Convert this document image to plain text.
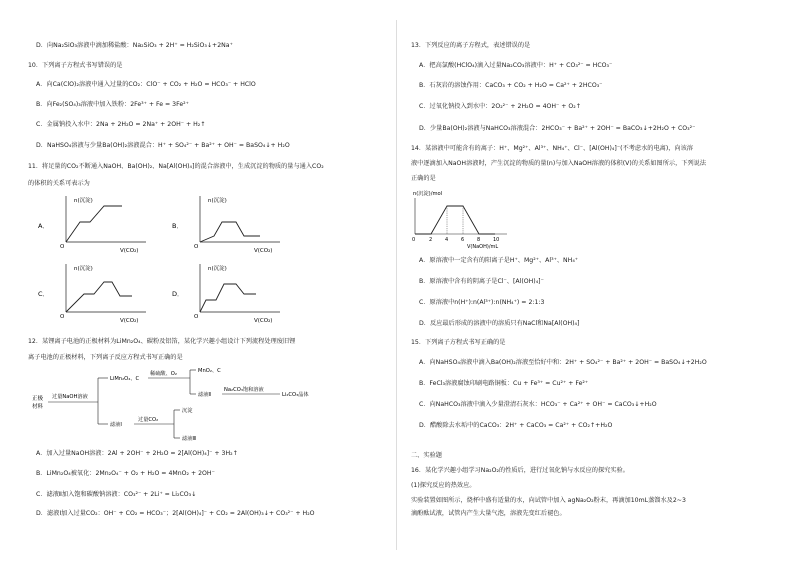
D．向Na₂SiO₃溶液中滴加稀盐酸：Na₂SiO₃ + 2H⁺ = H₂SiO₃↓+2Na⁺
10．下列离子方程式书写错误的是
A．向Ca(ClO)₂溶液中通入过量的CO₂：ClO⁻ + CO₂ + H₂O = HCO₃⁻ + HClO
B．向Fe₂(SO₄)₃溶液中加入铁粉：2Fe³⁺ + Fe = 3Fe²⁺
C．金属钠投入水中：2Na + 2H₂O = 2Na⁺ + 2OH⁻ + H₂↑
D．NaHSO₄溶液与少量Ba(OH)₂溶液混合：H⁺ + SO₄²⁻ + Ba²⁺ + OH⁻ = BaSO₄↓+ H₂O
11．将足量的CO₂不断通入NaOH、Ba(OH)₂、Na[Al(OH)₄]的混合溶液中，生成沉淀的物质的量与通入CO₂
的体积的关系可表示为
A．
n(沉淀)
O
V(CO₂)
B．
n(沉淀)
O
V(CO₂)
C．
n(沉淀)
O
V(CO₂)
D．
n(沉淀)
O
V(CO₂)
12．某锂离子电池的正极材料为LiMn₂O₄、碳粉及铝箔，某化学兴趣小组设计下列流程处理废旧锂
离子电池的正极材料，下列离子反应方程式书写正确的是
正极
材料
过量NaOH溶液
LiMn₂O₄、C
稀硫酸、O₂	MnO₂、C
滤液Ⅱ
Na₂CO₃饱和溶液
Li₂CO₃晶体
滤液Ⅰ
过量CO₂
沉淀
滤液Ⅲ
A．加入过量NaOH溶液：2Al + 2OH⁻ + 2H₂O = 2[Al(OH)₄]⁻ + 3H₂↑
B．LiMn₂O₄被氧化：2Mn₂O₄⁻ + O₂ + H₂O = 4MnO₂ + 2OH⁻
C．滤液Ⅱ加入饱和碳酸钠溶液：CO₃²⁻ + 2Li⁺ = Li₂CO₃↓
D．滤液Ⅰ加入过量CO₂：OH⁻ + CO₂ = HCO₃⁻；2[Al(OH)₄]⁻ + CO₂ = 2Al(OH)₃↓+ CO₃²⁻ + H₂O
13．下列反应的离子方程式，表述错误的是
A．把高氯酸(HClO₄)滴入过量Na₂CO₃溶液中：H⁺ + CO₃²⁻ = HCO₃⁻
B．石灰岩的溶蚀作用：CaCO₃ + CO₂ + H₂O = Ca²⁺ + 2HCO₃⁻
C．过氧化钠投入到水中：2O₂²⁻ + 2H₂O = 4OH⁻ + O₂↑
D．少量Ba(OH)₂溶液与NaHCO₃溶液混合：2HCO₃⁻ + Ba²⁺ + 2OH⁻ = BaCO₃↓+2H₂O + CO₃²⁻
14．某溶液中可能含有的离子：H⁺、Mg²⁺、Al³⁺、NH₄⁺、Cl⁻、[Al(OH)₄]⁻(不考虑水的电离)，向该溶
液中逐滴加入NaOH溶液时，产生沉淀的物质的量(n)与加入NaOH溶液的体积(V)的关系如图所示，下列说法
正确的是
n(沉淀)/mol
0
V(NaOH)/mL
2	4	6	8	10
A．原溶液中一定含有的阳离子是H⁺、Mg²⁺、Al³⁺、NH₄⁺
B．原溶液中含有的阴离子是Cl⁻、[Al(OH)₄]⁻
C．原溶液中n(H⁺):n(Al³⁺):n(NH₄⁺) = 2:1:3
D．反应最后形成的溶液中的溶质只有NaCl和Na[Al(OH)₄]
15．下列离子方程式书写正确的是
A．向NaHSO₄溶液中滴入Ba(OH)₂溶液至恰好中和：2H⁺ + SO₄²⁻ + Ba²⁺ + 2OH⁻ = BaSO₄↓+2H₂O
B．FeCl₃溶液腐蚀印刷电路铜板：Cu + Fe³⁺ = Cu²⁺ + Fe²⁺
C．向NaHCO₃溶液中滴入少量澄清石灰水：HCO₃⁻ + Ca²⁺ + OH⁻ = CaCO₃↓+H₂O
D．醋酸除去水垢中的CaCO₃：2H⁺ + CaCO₃ = Ca²⁺ + CO₂↑+H₂O
二、实验题
16．某化学兴趣小组学习Na₂O₂的性质后，进行过氧化钠与水反应的探究实验。
(1)探究反应的热效应。
实验装置如图所示，烧杯中盛有适量的水，向试管中加入 agNa₂O₂粉末，再滴加10mL蒸馏水及2~3
滴酚酞试液，试管内产生大量气泡，溶液先变红后褪色。
